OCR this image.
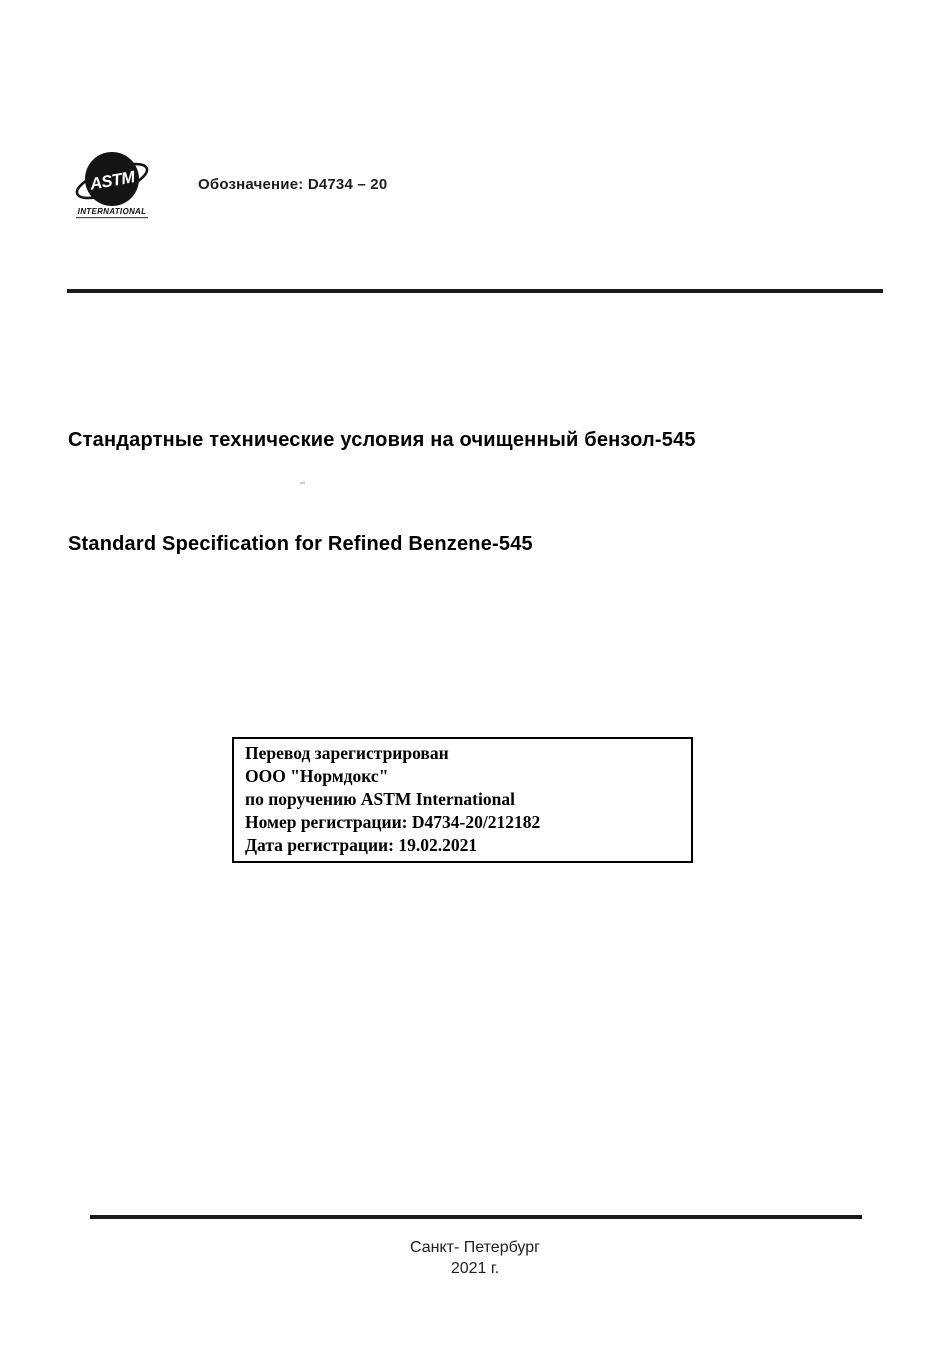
ASTM
INTERNATIONAL
Обозначение: D4734 – 20
Стандартные технические условия на очищенный бензол-545
Standard Specification for Refined Benzene-545
Перевод зарегистрирован
ООО "Нормдокс"
по поручению ASTM International
Номер регистрации: D4734-20/212182
Дата регистрации: 19.02.2021
Санкт- Петербург
2021 г.
